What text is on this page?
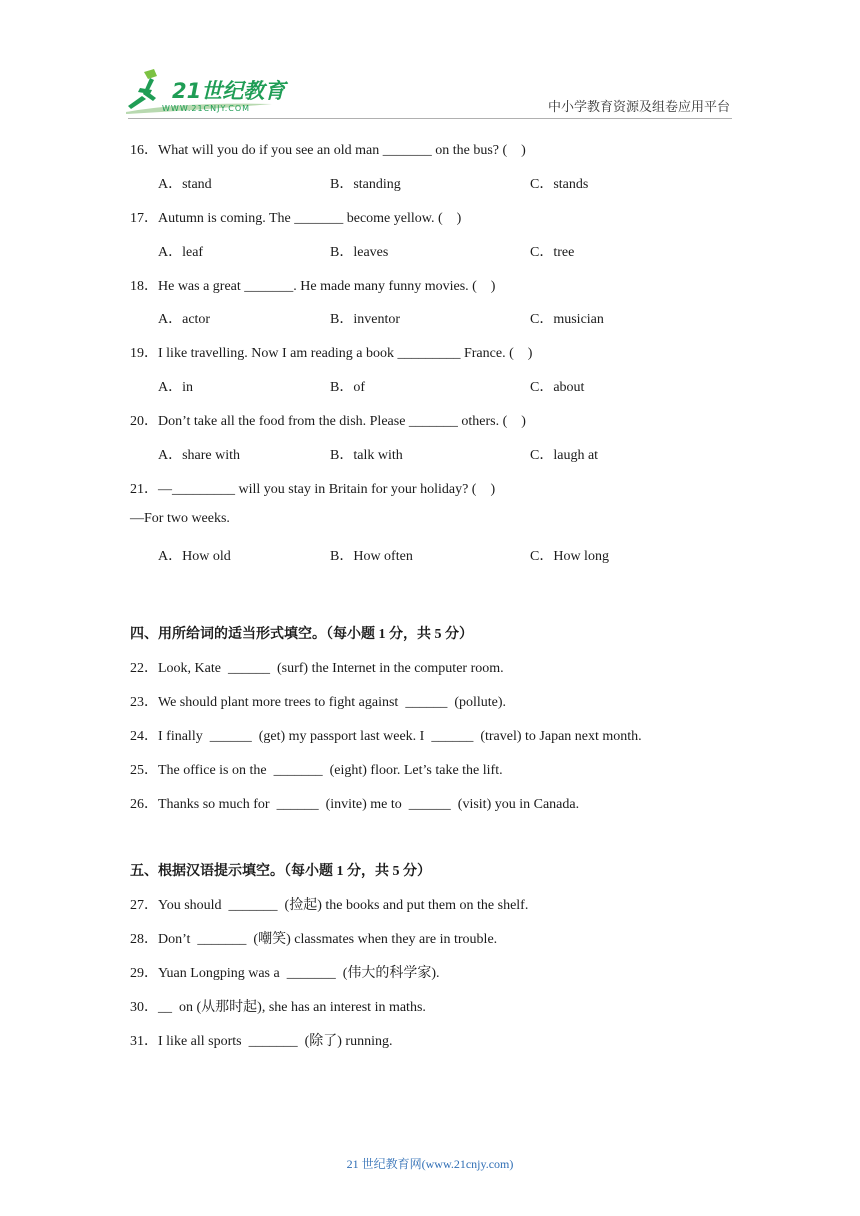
21世纪教育
WWW.21CNJY.COM	中小学教育资源及组卷应用平台
16．What will you do if you see an old man _______ on the bus? (    )
A．stand	B．standing	C．stands
17．Autumn is coming. The _______ become yellow. (    )
A．leaf	B．leaves	C．tree
18．He was a great _______. He made many funny movies. (    )
A．actor	B．inventor	C．musician
19．I like travelling. Now I am reading a book _________ France. (    )
A．in	B．of	C．about
20．Don’t take all the food from the dish. Please _______ others. (    )
A．share with	B．talk with	C．laugh at
21．—_________ will you stay in Britain for your holiday? (    )
—For two weeks.
A．How old	B．How often	C．How long
四、用所给词的适当形式填空。（每小题 1 分，共 5 分）
22．Look, Kate  ______  (surf) the Internet in the computer room.
23．We should plant more trees to fight against  ______  (pollute).
24．I finally  ______  (get) my passport last week. I  ______  (travel) to Japan next month.
25．The office is on the  _______  (eight) floor. Let’s take the lift.
26．Thanks so much for  ______  (invite) me to  ______  (visit) you in Canada.
五、根据汉语提示填空。（每小题 1 分，共 5 分）
27．You should  _______  (捡起) the books and put them on the shelf.
28．Don’t  _______  (嘲笑) classmates when they are in trouble.
29．Yuan Longping was a  _______  (伟大的科学家).
30．__  on (从那时起), she has an interest in maths.
31．I like all sports  _______  (除了) running.
21 世纪教育网(www.21cnjy.com)
